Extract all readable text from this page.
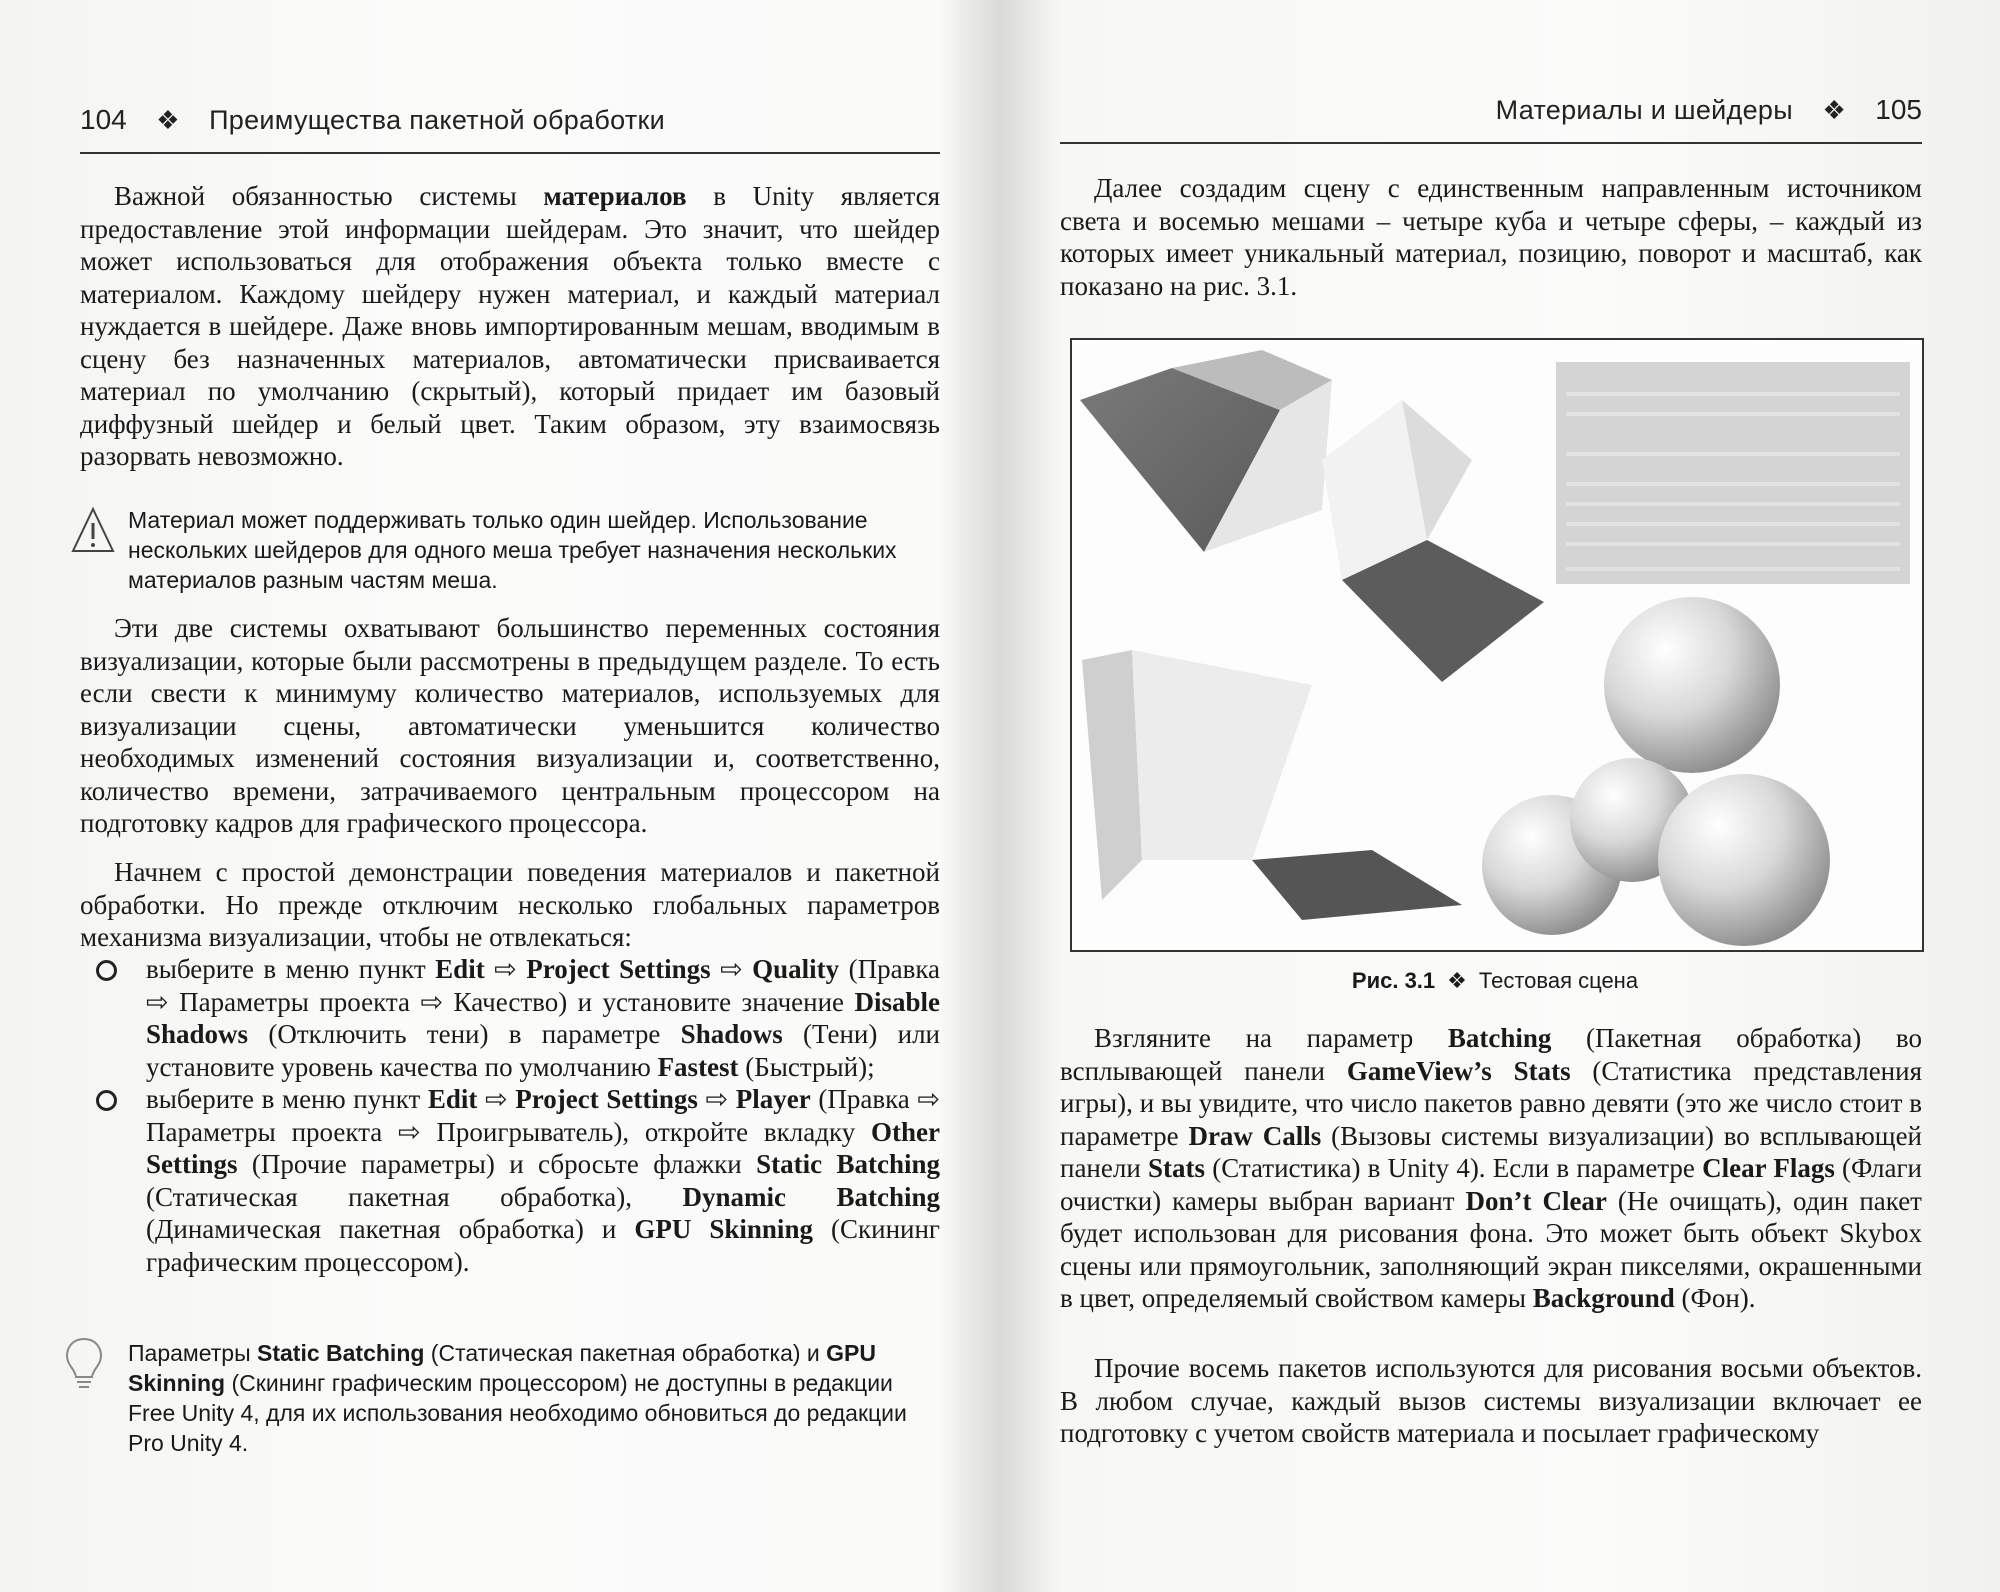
104 ❖ Преимущества пакетной обработки

Важной обязанностью системы материалов в Unity является предоставление этой информации шейдерам. Это значит, что шейдер может использоваться для отображения объекта только вместе с материалом. Каждому шейдеру нужен материал, и каждый материал нуждается в шейдере. Даже вновь импортированным мешам, вводимым в сцену без назначенных материалов, автоматически присваивается материал по умолчанию (скрытый), который придает им базовый диффузный шейдер и белый цвет. Таким образом, эту взаимосвязь разорвать невозможно.

Материал может поддерживать только один шейдер. Использование нескольких шейдеров для одного меша требует назначения нескольких материалов разным частям меша.

Эти две системы охватывают большинство переменных состояния визуализации, которые были рассмотрены в предыдущем разделе. То есть если свести к минимуму количество материалов, используемых для визуализации сцены, автоматически уменьшится количество необходимых изменений состояния визуализации и, соответственно, количество времени, затрачиваемого центральным процессором на подготовку кадров для графического процессора.

Начнем с простой демонстрации поведения материалов и пакетной обработки. Но прежде отключим несколько глобальных параметров механизма визуализации, чтобы не отвлекаться:

выберите в меню пункт Edit ⇨ Project Settings ⇨ Quality (Правка ⇨ Параметры проекта ⇨ Качество) и установите значение Disable Shadows (Отключить тени) в параметре Shadows (Тени) или установите уровень качества по умолчанию Fastest (Быстрый);
выберите в меню пункт Edit ⇨ Project Settings ⇨ Player (Правка ⇨ Параметры проекта ⇨ Проигрыватель), откройте вкладку Other Settings (Прочие параметры) и сбросьте флажки Static Batching (Статическая пакетная обработка), Dynamic Batching (Динамическая пакетная обработка) и GPU Skinning (Скининг графическим процессором).
Параметры Static Batching (Статическая пакетная обработка) и GPU Skinning (Скининг графическим процессором) не доступны в редакции Free Unity 4, для их использования необходимо обновиться до редакции Pro Unity 4.
Материалы и шейдеры ❖ 105

Далее создадим сцену с единственным направленным источником света и восемью мешами – четыре куба и четыре сферы, – каждый из которых имеет уникальный материал, позицию, поворот и масштаб, как показано на рис. 3.1.

Рис. 3.1 ❖ Тестовая сцена

Взгляните на параметр Batching (Пакетная обработка) во всплывающей панели GameView’s Stats (Статистика представления игры), и вы увидите, что число пакетов равно девяти (это же число стоит в параметре Draw Calls (Вызовы системы визуализации) во всплывающей панели Stats (Статистика) в Unity 4). Если в параметре Clear Flags (Флаги очистки) камеры выбран вариант Don’t Clear (Не очищать), один пакет будет использован для рисования фона. Это может быть объект Skybox сцены или прямоугольник, заполняющий экран пикселями, окрашенными в цвет, определяемый свойством камеры Background (Фон).

Прочие восемь пакетов используются для рисования восьми объектов. В любом случае, каждый вызов системы визуализации включает ее подготовку с учетом свойств материала и посылает графическому
